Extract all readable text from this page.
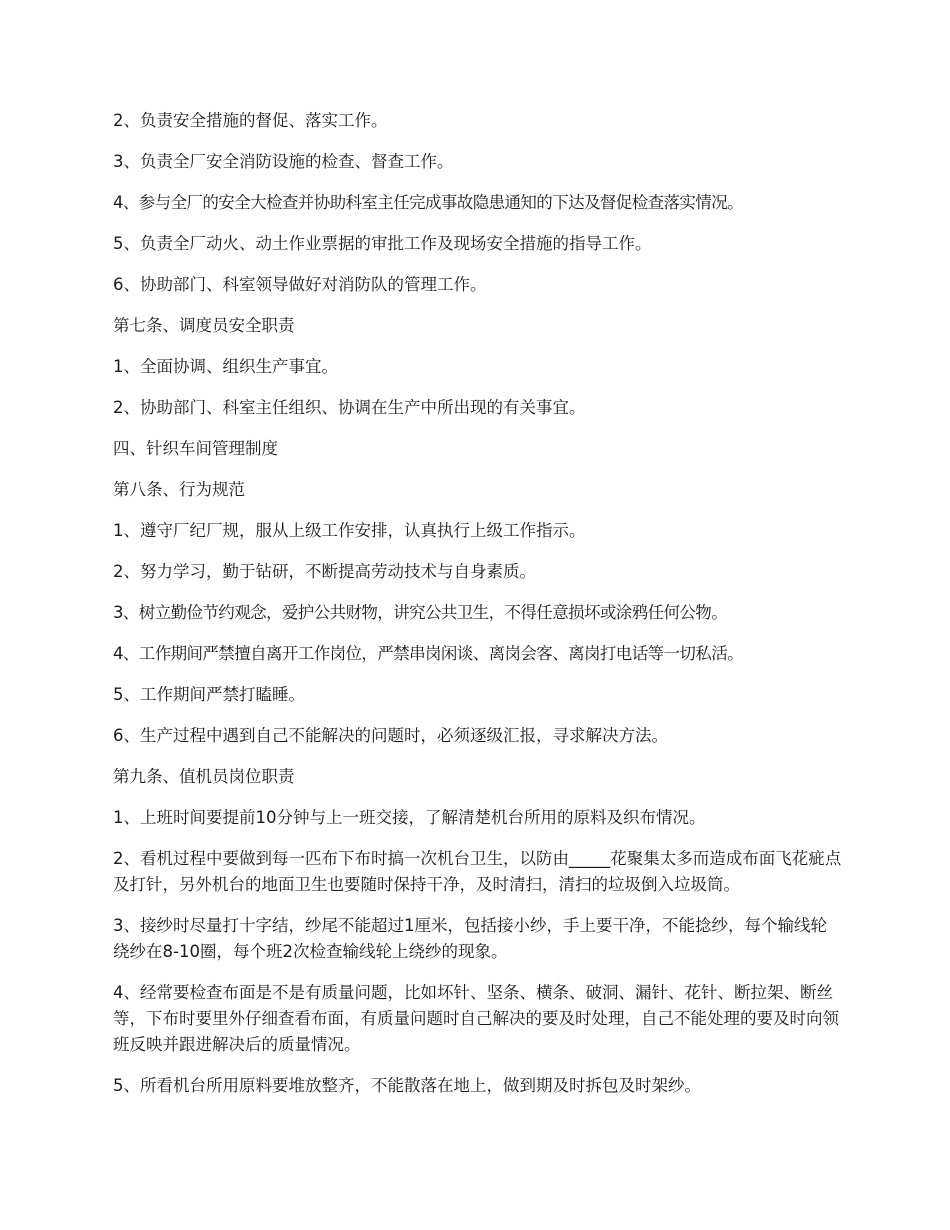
2、负责安全措施的督促、落实工作。

3、负责全厂安全消防设施的检查、督查工作。

4、参与全厂的安全大检查并协助科室主任完成事故隐患通知的下达及督促检查落实情况。

5、负责全厂动火、动土作业票据的审批工作及现场安全措施的指导工作。

6、协助部门、科室领导做好对消防队的管理工作。

第七条、调度员安全职责

1、全面协调、组织生产事宜。

2、协助部门、科室主任组织、协调在生产中所出现的有关事宜。

四、针织车间管理制度

第八条、行为规范

1、遵守厂纪厂规，服从上级工作安排，认真执行上级工作指示。

2、努力学习，勤于钻研，不断提高劳动技术与自身素质。

3、树立勤俭节约观念，爱护公共财物，讲究公共卫生，不得任意损坏或涂鸦任何公物。

4、工作期间严禁擅自离开工作岗位，严禁串岗闲谈、离岗会客、离岗打电话等一切私活。

5、工作期间严禁打瞌睡。

6、生产过程中遇到自己不能解决的问题时，必须逐级汇报，寻求解决方法。

第九条、值机员岗位职责

1、上班时间要提前10分钟与上一班交接，了解清楚机台所用的原料及织布情况。

2、看机过程中要做到每一匹布下布时搞一次机台卫生，以防由_____花聚集太多而造成布面飞花疵点及打针，另外机台的地面卫生也要随时保持干净，及时清扫，清扫的垃圾倒入垃圾筒。

3、接纱时尽量打十字结，纱尾不能超过1厘米，包括接小纱，手上要干净，不能捻纱，每个输线轮绕纱在8-10圈，每个班2次检查输线轮上绕纱的现象。

4、经常要检查布面是不是有质量问题，比如坏针、坚条、横条、破洞、漏针、花针、断拉架、断丝等，下布时要里外仔细查看布面，有质量问题时自己解决的要及时处理，自己不能处理的要及时向领班反映并跟进解决后的质量情况。

5、所看机台所用原料要堆放整齐，不能散落在地上，做到期及时拆包及时架纱。
